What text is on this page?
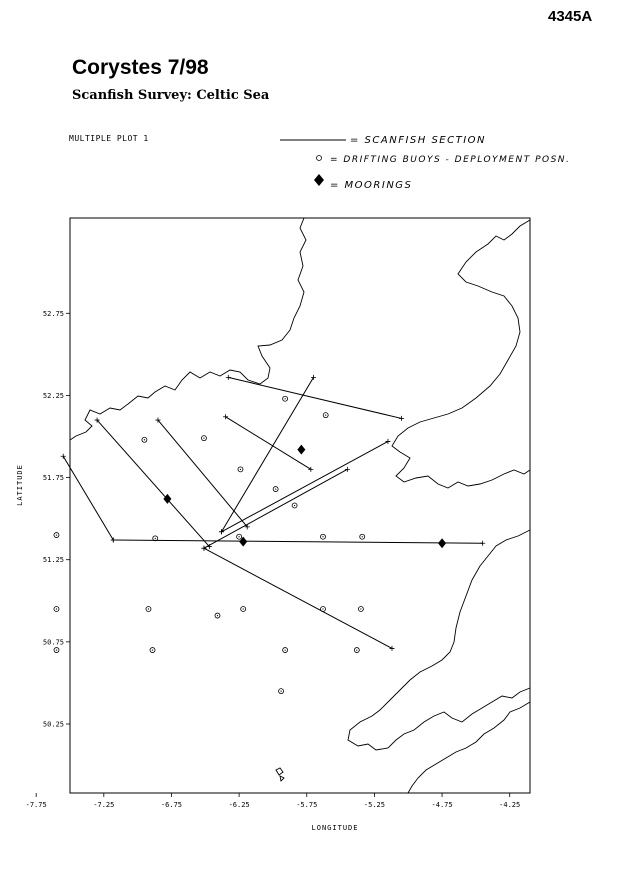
4345A
Corystes 7/98
Scanfish Survey: Celtic Sea
MULTIPLE PLOT 1	= SCANFISH SECTION
= DRIFTING BUOYS - DEPLOYMENT POSN.
= MOORINGS
-7.75	-7.25	-6.75	-6.25	-5.75	-5.25	-4.75	-4.25
52.75
52.25
51.75
51.25
50.75
50.25
LONGITUDE
LATITUDE
